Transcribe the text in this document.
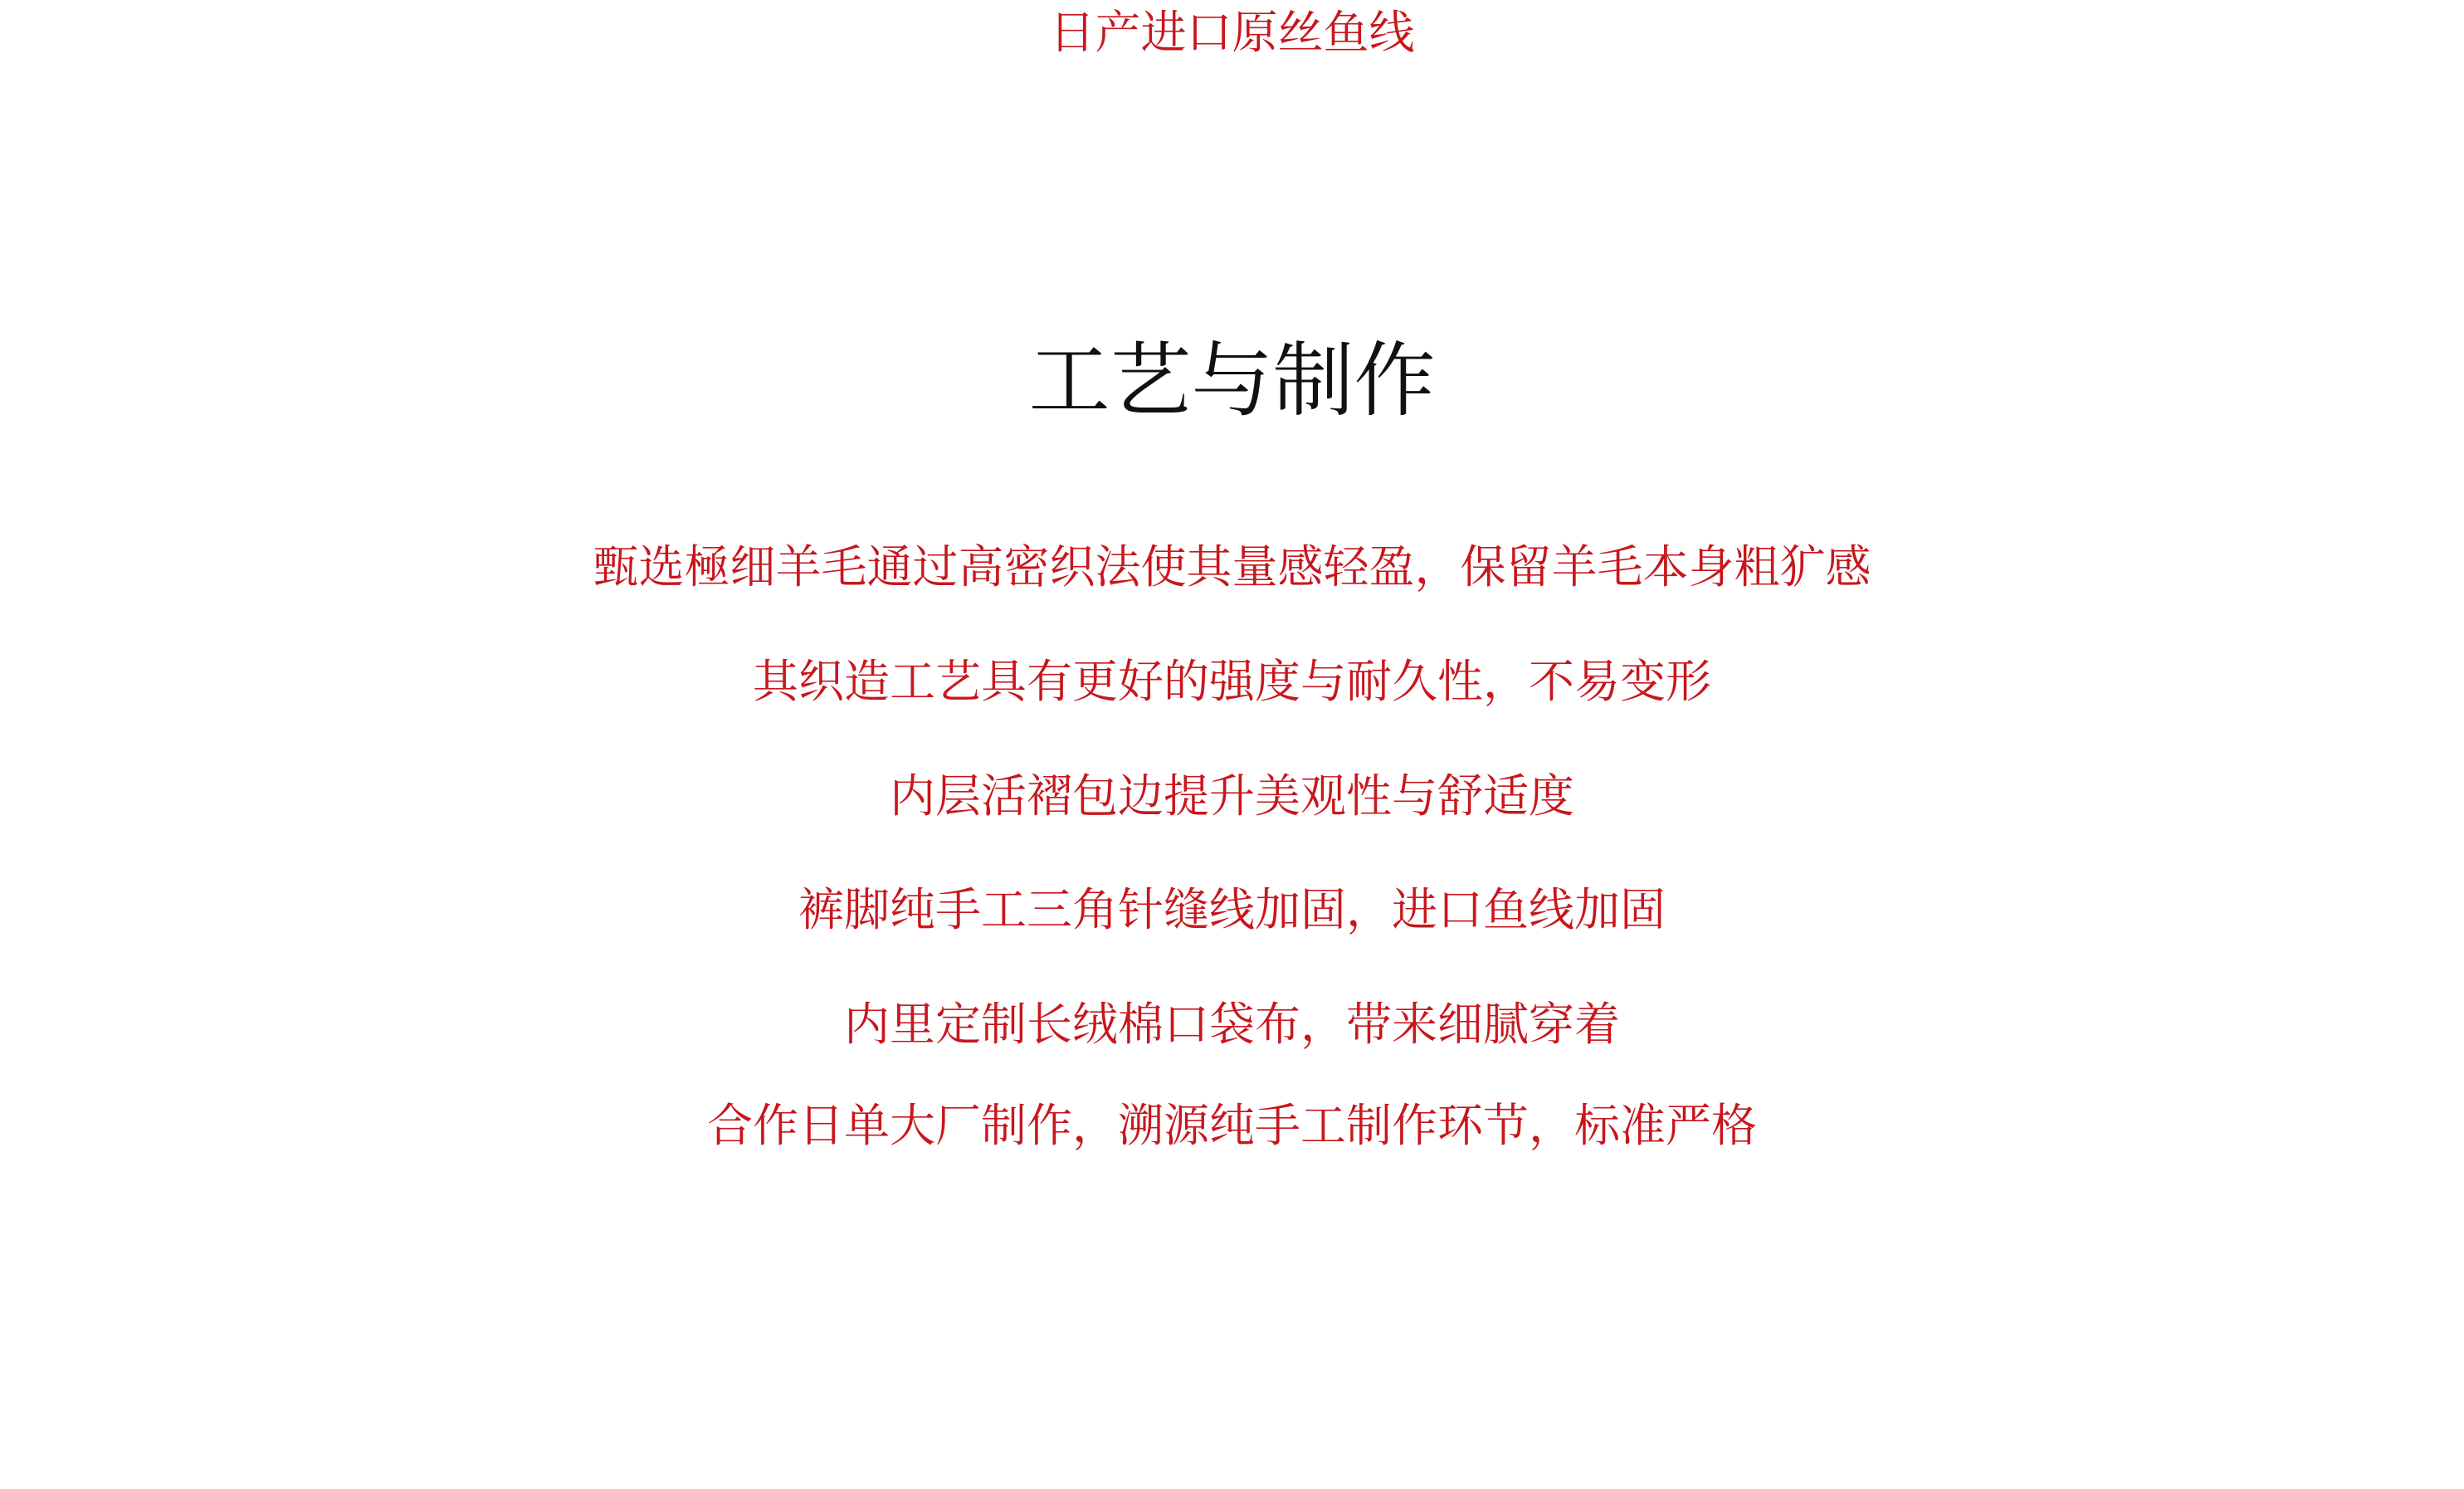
日产进口原丝鱼线
工艺与制作
甄选極细羊毛通过高密织法使其量感轻盈，保留羊毛本身粗犷感
其织造工艺具有更好的强度与耐久性，不易变形
内层活褶包边提升美观性与舒适度
裤脚纯手工三角针缝线加固，进口鱼线加固
内里定制长绒棉口袋布，带来细腻穿着
合作日单大厂制作，溯源纯手工制作环节，标准严格
